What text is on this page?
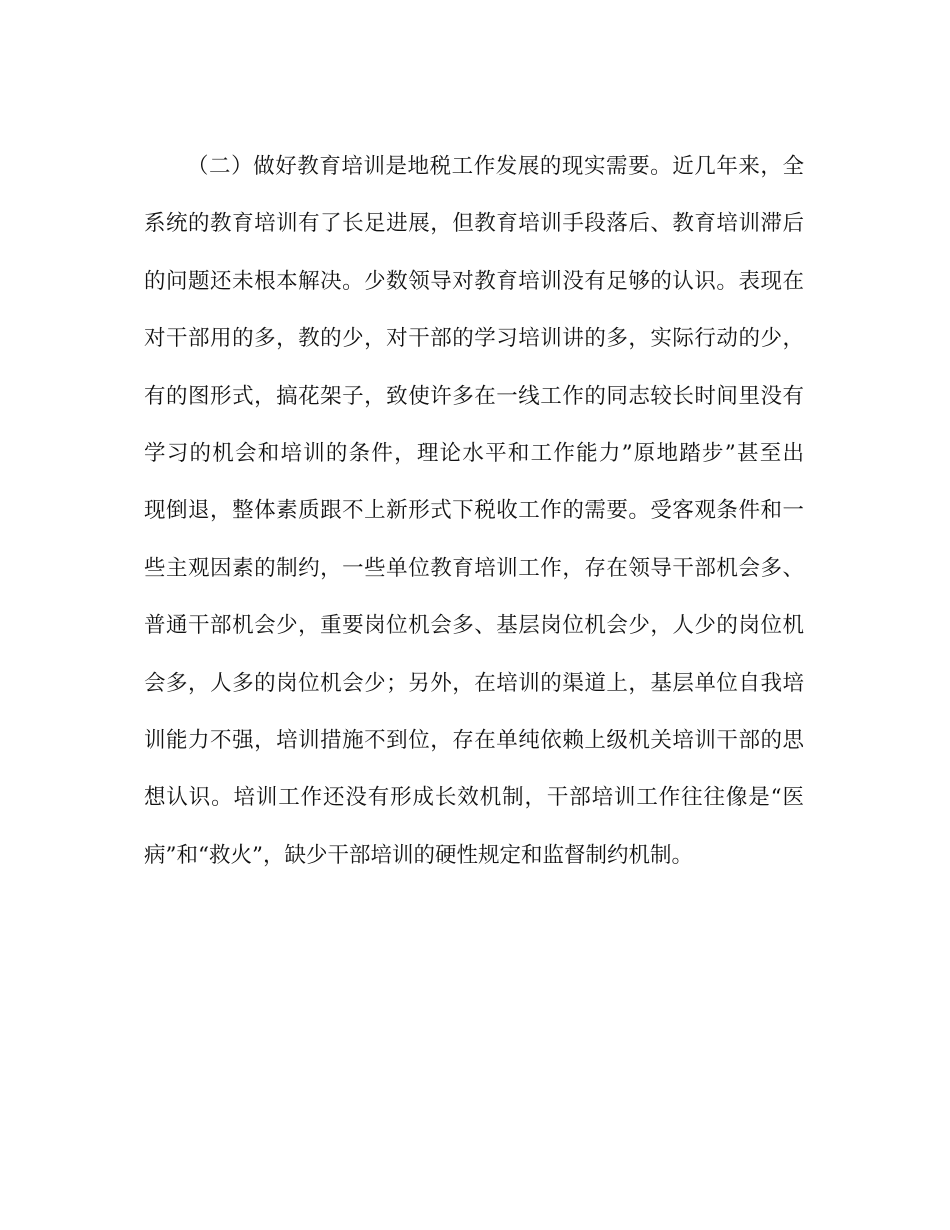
（二）做好教育培训是地税工作发展的现实需要。近几年来，全
系统的教育培训有了长足进展，但教育培训手段落后、教育培训滞后
的问题还未根本解决。少数领导对教育培训没有足够的认识。表现在
对干部用的多，教的少，对干部的学习培训讲的多，实际行动的少，
有的图形式，搞花架子，致使许多在一线工作的同志较长时间里没有
学习的机会和培训的条件，理论水平和工作能力”原地踏步”甚至出
现倒退，整体素质跟不上新形式下税收工作的需要。受客观条件和一
些主观因素的制约，一些单位教育培训工作，存在领导干部机会多、
普通干部机会少，重要岗位机会多、基层岗位机会少，人少的岗位机
会多，人多的岗位机会少；另外，在培训的渠道上，基层单位自我培
训能力不强，培训措施不到位，存在单纯依赖上级机关培训干部的思
想认识。培训工作还没有形成长效机制，干部培训工作往往像是“医
病”和“救火”，缺少干部培训的硬性规定和监督制约机制。
